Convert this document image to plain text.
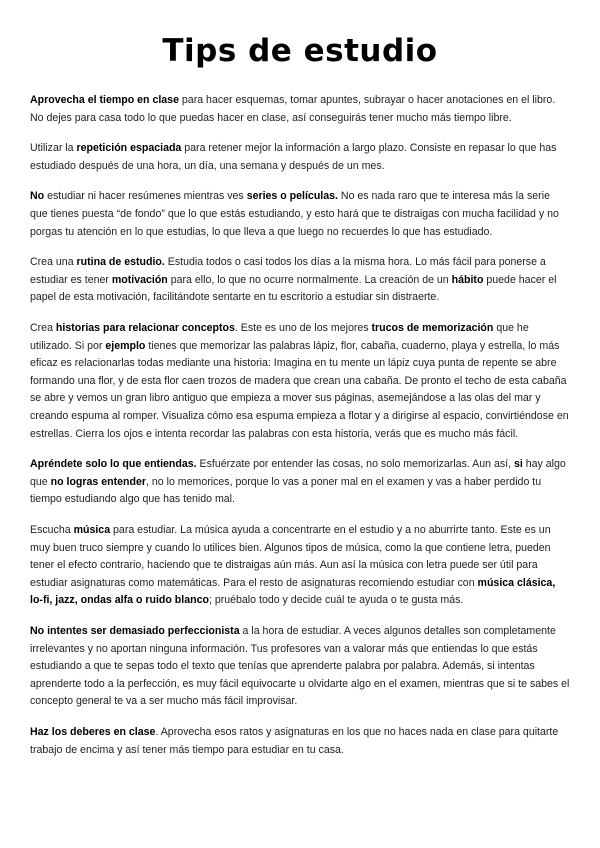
Tips de estudio

Aprovecha el tiempo en clase para hacer esquemas, tomar apuntes, subrayar o hacer anotaciones en el libro. No dejes para casa todo lo que puedas hacer en clase, así conseguirás tener mucho más tiempo libre.

Utilizar la repetición espaciada para retener mejor la información a largo plazo. Consiste en repasar lo que has estudiado después de una hora, un día, una semana y después de un mes.

No estudiar ni hacer resúmenes mientras ves series o películas. No es nada raro que te interesa más la serie que tienes puesta “de fondo” que lo que estás estudiando, y esto hará que te distraigas con mucha facilidad y no porgas tu atención en lo que estudias, lo que lleva a que luego no recuerdes lo que has estudiado.

Crea una rutina de estudio. Estudia todos o casi todos los días a la misma hora. Lo más fácil para ponerse a estudiar es tener motivación para ello, lo que no ocurre normalmente. La creación de un hábito puede hacer el papel de esta motivación, facilitándote sentarte en tu escritorio a estudiar sin distraerte.

Crea historias para relacionar conceptos. Este es uno de los mejores trucos de memorización que he utilizado. Si por ejemplo tienes que memorizar las palabras lápiz, flor, cabaña, cuaderno, playa y estrella, lo más eficaz es relacionarlas todas mediante una historia: Imagina en tu mente un lápiz cuya punta de repente se abre formando una flor, y de esta flor caen trozos de madera que crean una cabaña. De pronto el techo de esta cabaña se abre y vemos un gran libro antiguo que empieza a mover sus páginas, asemejándose a las olas del mar y creando espuma al romper. Visualiza cómo esa espuma empieza a flotar y a dirigirse al espacio, convirtiéndose en estrellas. Cierra los ojos e intenta recordar las palabras con esta historia, verás que es mucho más fácil.

Apréndete solo lo que entiendas. Esfuérzate por entender las cosas, no solo memorizarlas. Aun así, si hay algo que no logras entender, no lo memorices, porque lo vas a poner mal en el examen y vas a haber perdido tu tiempo estudiando algo que has tenido mal.

Escucha música para estudiar. La música ayuda a concentrarte en el estudio y a no aburrirte tanto. Este es un muy buen truco siempre y cuando lo utilices bien. Algunos tipos de música, como la que contiene letra, pueden tener el efecto contrario, haciendo que te distraigas aún más. Aun así la música con letra puede ser útil para estudiar asignaturas como matemáticas. Para el resto de asignaturas recomiendo estudiar con música clásica, lo-fi, jazz, ondas alfa o ruido blanco; pruébalo todo y decide cuál te ayuda o te gusta más.

No intentes ser demasiado perfeccionista a la hora de estudiar. A veces algunos detalles son completamente irrelevantes y no aportan ninguna información. Tus profesores van a valorar más que entiendas lo que estás estudiando a que te sepas todo el texto que tenías que aprenderte palabra por palabra. Además, si intentas aprenderte todo a la perfección, es muy fácil equivocarte u olvidarte algo en el examen, mientras que si te sabes el concepto general te va a ser mucho más fácil improvisar.

Haz los deberes en clase. Aprovecha esos ratos y asignaturas en los que no haces nada en clase para quitarte trabajo de encima y así tener más tiempo para estudiar en tu casa.
